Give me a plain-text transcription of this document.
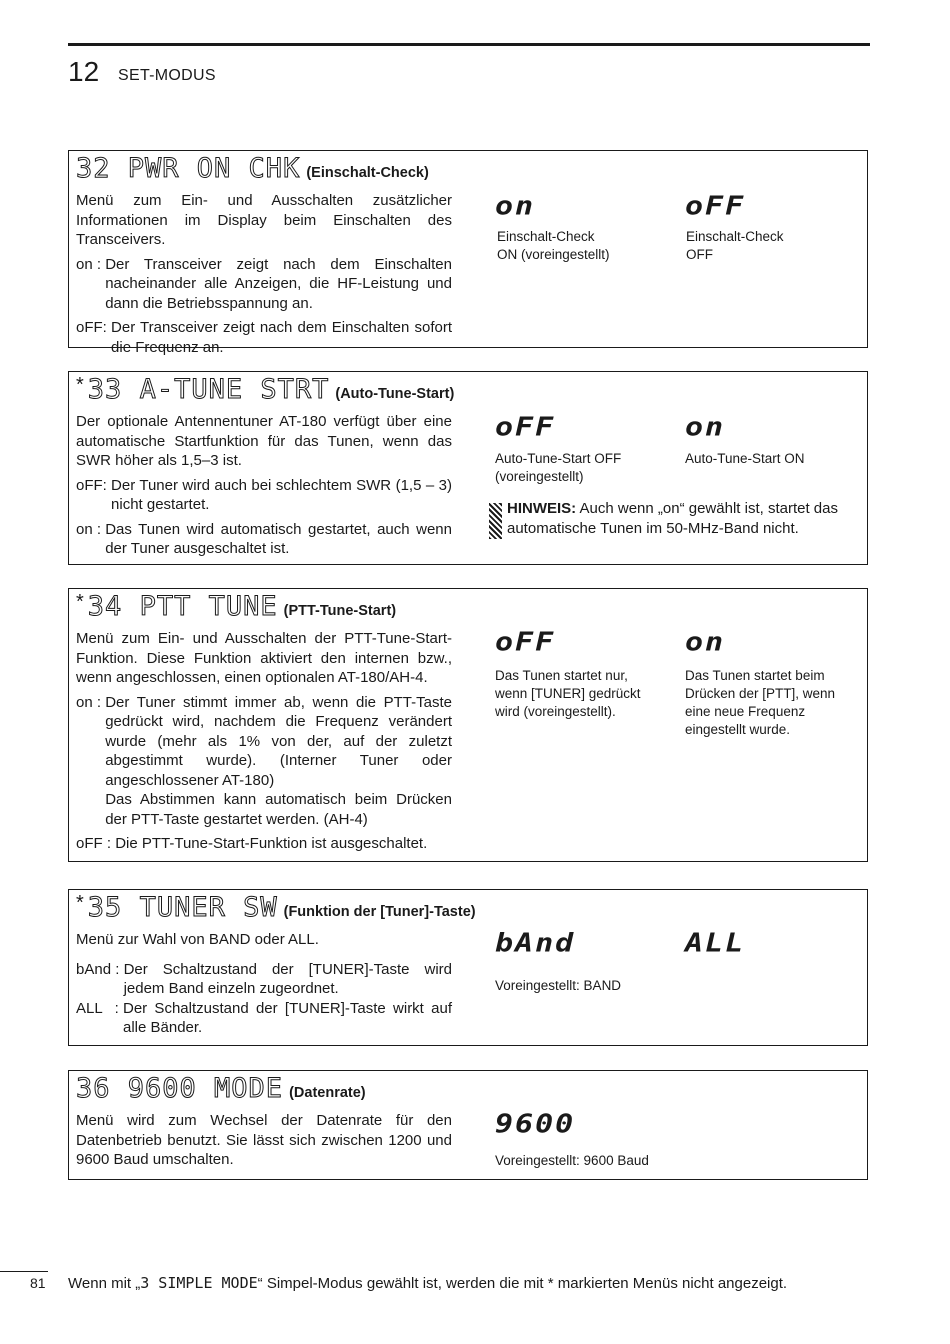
12 SET-MODUS
32 PWR ON CHK (Einschalt-Check)

Menü zum Ein- und Ausschalten zusätzlicher Informationen im Display beim Einschalten des Transceivers.

on : Der Transceiver zeigt nach dem Einschalten nacheinander alle Anzeigen, die HF-Leistung und dann die Betriebsspannung an.
oFF: Der Transceiver zeigt nach dem Einschalten sofort die Frequenz an.
on
Einschalt-Check
ON (voreingestellt)
oFF
Einschalt-Check
OFF
* 33 A-TUNE STRT (Auto-Tune-Start)

Der optionale Antennentuner AT-180 verfügt über eine automatische Startfunktion für das Tunen, wenn das SWR höher als 1,5–3 ist.

oFF: Der Tuner wird auch bei schlechtem SWR (1,5 – 3) nicht gestartet.
on : Das Tunen wird automatisch gestartet, auch wenn der Tuner ausgeschaltet ist.
oFF
Auto-Tune-Start OFF
(voreingestellt)
on
Auto-Tune-Start ON
HINWEIS: Auch wenn „on“ gewählt ist, startet das automatische Tunen im 50-MHz-Band nicht.
* 34 PTT TUNE (PTT-Tune-Start)

Menü zum Ein- und Ausschalten der PTT-Tune-Start-Funktion. Diese Funktion aktiviert den internen bzw., wenn angeschlossen, einen optionalen AT-180/AH-4.

on : Der Tuner stimmt immer ab, wenn die PTT-Taste gedrückt wird, nachdem die Frequenz verändert wurde (mehr als 1% von der, auf der zuletzt abgestimmt wurde). (Interner Tuner oder angeschlossener AT-180)
Das Abstimmen kann automatisch beim Drücken der PTT-Taste gestartet werden. (AH-4)
oFF : Die PTT-Tune-Start-Funktion ist ausgeschaltet.
oFF
Das Tunen startet nur,
wenn [TUNER] gedrückt
wird (voreingestellt).
on
Das Tunen startet beim
Drücken der [PTT], wenn
eine neue Frequenz
eingestellt wurde.
* 35 TUNER SW (Funktion der [Tuner]-Taste)

Menü zur Wahl von BAND oder ALL.

bAnd : Der Schaltzustand der [TUNER]-Taste wird jedem Band einzeln zugeordnet.
ALL   : Der Schaltzustand der [TUNER]-Taste wirkt auf alle Bänder.
bAnd
Voreingestellt: BAND
ALL
36 9600 MODE (Datenrate)

Menü wird zum Wechsel der Datenrate für den Datenbetrieb benutzt. Sie lässt sich zwischen 1200 und 9600 Baud umschalten.

9600
Voreingestellt: 9600 Baud
81 Wenn mit „3 SIMPLE MODE“ Simpel-Modus gewählt ist, werden die mit * markierten Menüs nicht angezeigt.
